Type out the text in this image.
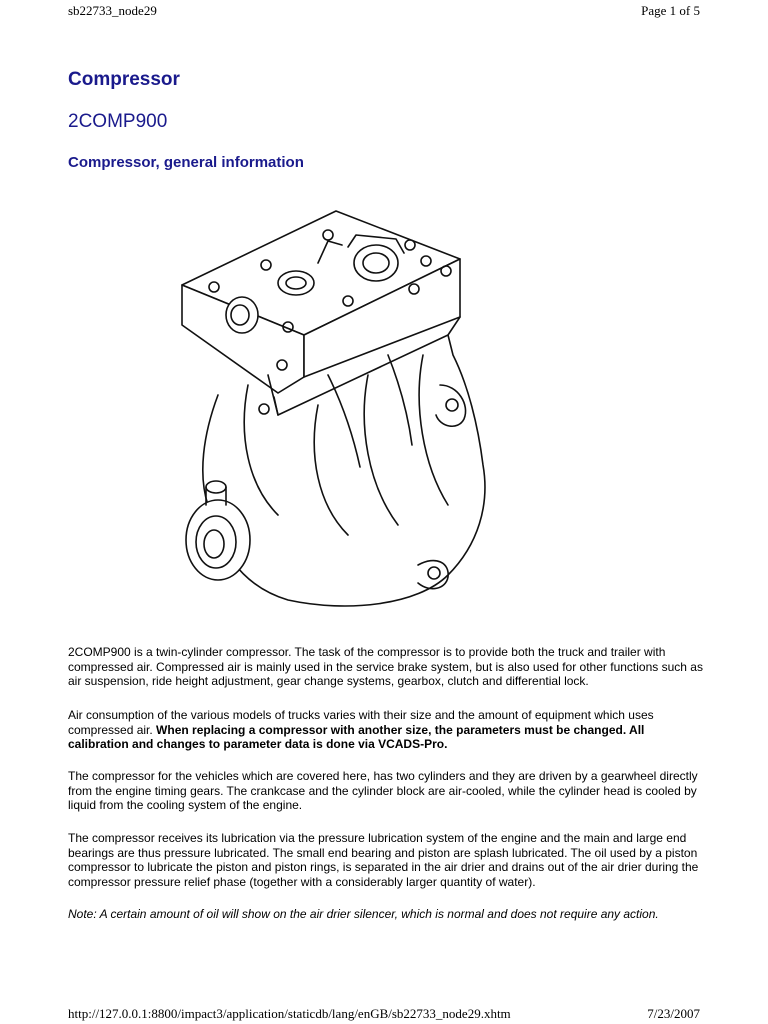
sb22733_node29	Page 1 of 5
Compressor
2COMP900
Compressor, general information
2COMP900 is a twin-cylinder compressor. The task of the compressor is to provide both the truck and trailer with compressed air. Compressed air is mainly used in the service brake system, but is also used for other functions such as air suspension, ride height adjustment, gear change systems, gearbox, clutch and differential lock.
Air consumption of the various models of trucks varies with their size and the amount of equipment which uses compressed air. When replacing a compressor with another size, the parameters must be changed. All calibration and changes to parameter data is done via VCADS-Pro.
The compressor for the vehicles which are covered here, has two cylinders and they are driven by a gearwheel directly from the engine timing gears. The crankcase and the cylinder block are air-cooled, while the cylinder head is cooled by liquid from the cooling system of the engine.
The compressor receives its lubrication via the pressure lubrication system of the engine and the main and large end bearings are thus pressure lubricated. The small end bearing and piston are splash lubricated. The oil used by a piston compressor to lubricate the piston and piston rings, is separated in the air drier and drains out of the air drier during the compressor pressure relief phase (together with a considerably larger quantity of water).
Note: A certain amount of oil will show on the air drier silencer, which is normal and does not require any action.
http://127.0.0.1:8800/impact3/application/staticdb/lang/enGB/sb22733_node29.xhtm	7/23/2007
